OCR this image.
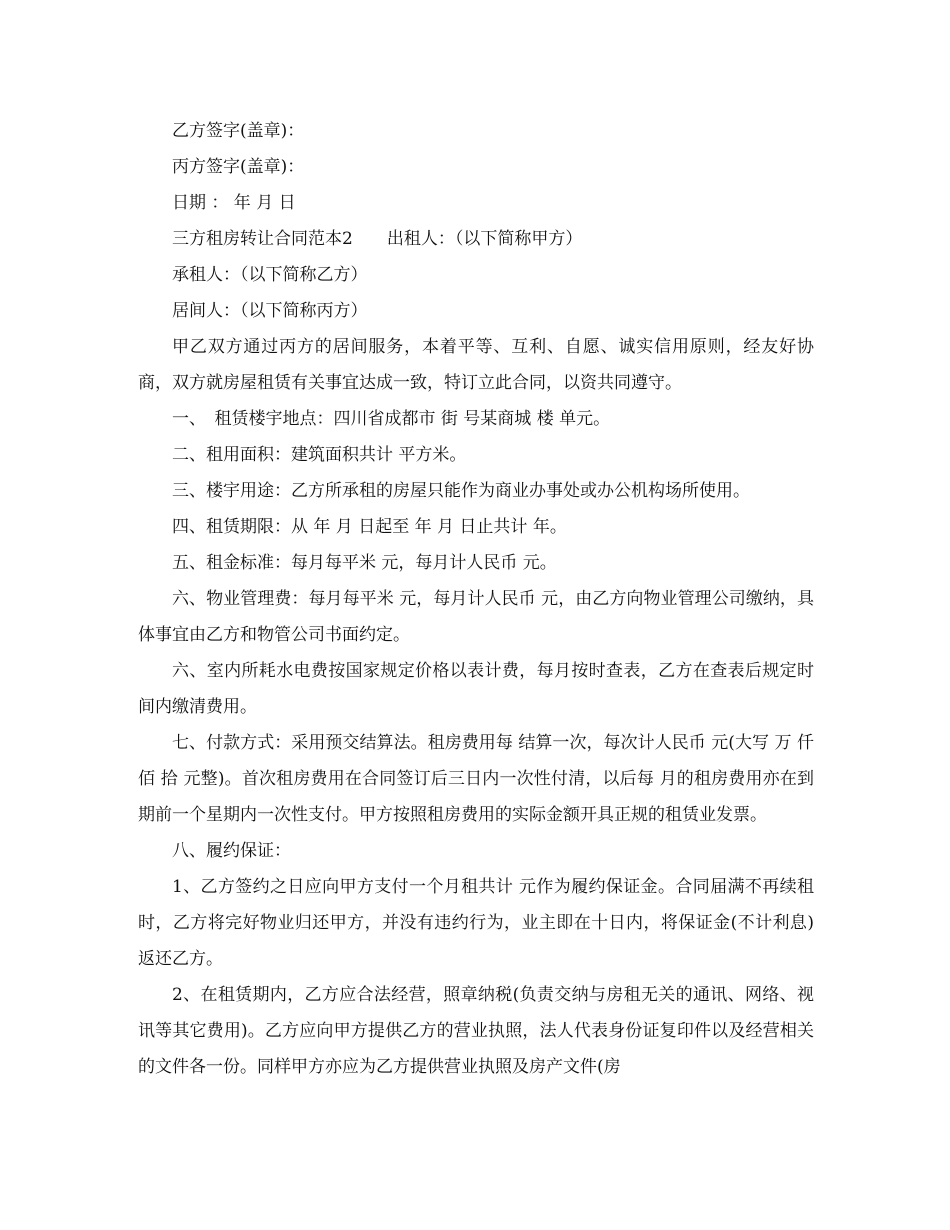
乙方签字(盖章)：
丙方签字(盖章)：
日期 ： 年 月 日
三方租房转让合同范本2　　出租人：（以下简称甲方）
承租人：（以下简称乙方）
居间人：（以下简称丙方）

甲乙双方通过丙方的居间服务，本着平等、互利、自愿、诚实信用原则，经友好协商，双方就房屋租赁有关事宜达成一致，特订立此合同，以资共同遵守。

一、　租赁楼宇地点：四川省成都市 街 号某商城 楼 单元。

二、租用面积：建筑面积共计 平方米。

三、楼宇用途：乙方所承租的房屋只能作为商业办事处或办公机构场所使用。

四、租赁期限：从 年 月 日起至 年 月 日止共计 年。

五、租金标准：每月每平米 元，每月计人民币 元。

六、物业管理费：每月每平米 元，每月计人民币 元，由乙方向物业管理公司缴纳，具体事宜由乙方和物管公司书面约定。

六、室内所耗水电费按国家规定价格以表计费，每月按时查表，乙方在查表后规定时间内缴清费用。

七、付款方式：采用预交结算法。租房费用每 结算一次，每次计人民币 元(大写 万 仟 佰 拾 元整)。首次租房费用在合同签订后三日内一次性付清，以后每 月的租房费用亦在到期前一个星期内一次性支付。甲方按照租房费用的实际金额开具正规的租赁业发票。

八、履约保证：

1、乙方签约之日应向甲方支付一个月租共计 元作为履约保证金。合同届满不再续租时，乙方将完好物业归还甲方，并没有违约行为，业主即在十日内，将保证金(不计利息)返还乙方。

2、在租赁期内，乙方应合法经营，照章纳税(负责交纳与房租无关的通讯、网络、视讯等其它费用)。乙方应向甲方提供乙方的营业执照，法人代表身份证复印件以及经营相关的文件各一份。同样甲方亦应为乙方提供营业执照及房产文件(房
